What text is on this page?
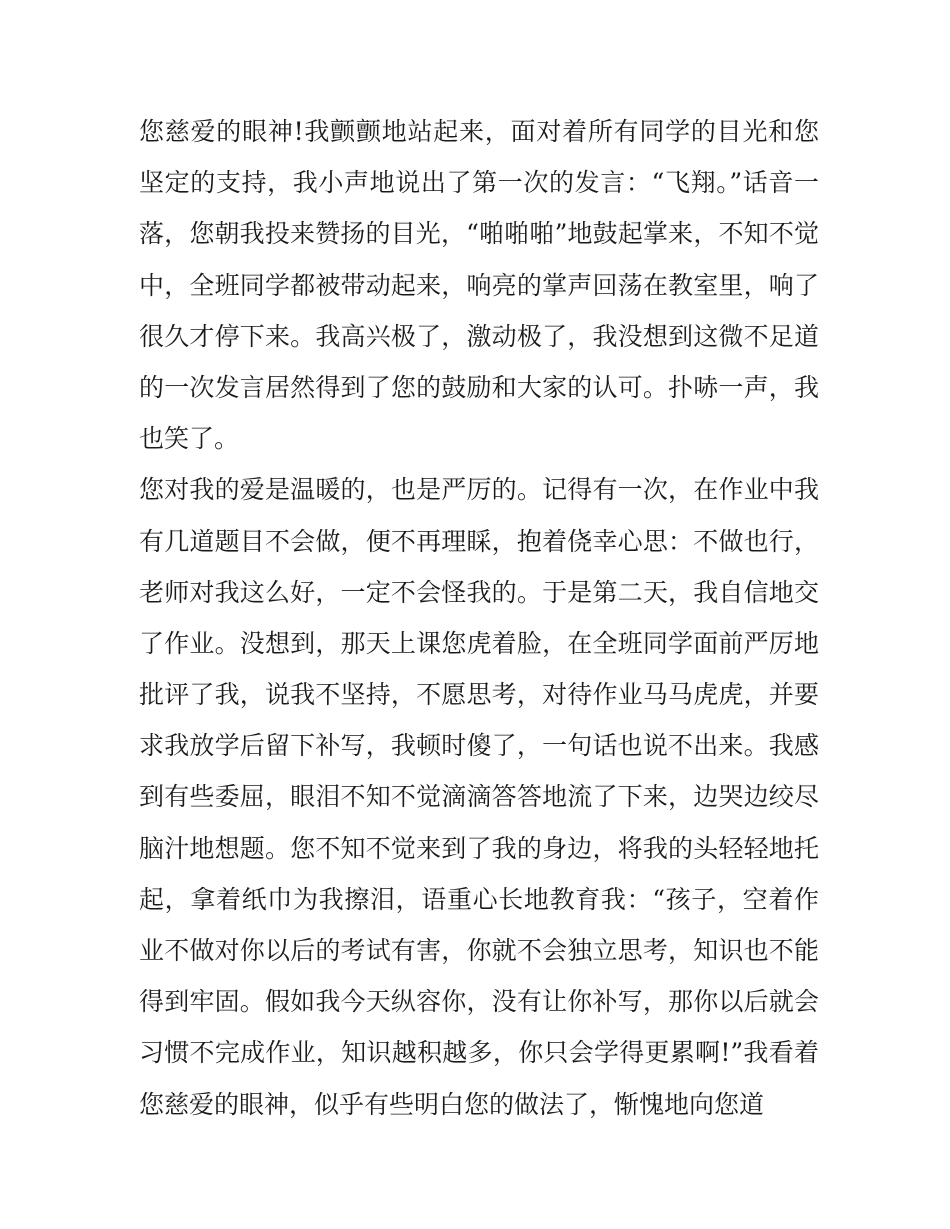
您慈爱的眼神!我颤颤地站起来，面对着所有同学的目光和您
坚定的支持，我小声地说出了第一次的发言：“飞翔。”话音一
落，您朝我投来赞扬的目光，“啪啪啪”地鼓起掌来，不知不觉
中，全班同学都被带动起来，响亮的掌声回荡在教室里，响了
很久才停下来。我高兴极了，激动极了，我没想到这微不足道
的一次发言居然得到了您的鼓励和大家的认可。扑哧一声，我
也笑了。
您对我的爱是温暖的，也是严厉的。记得有一次，在作业中我
有几道题目不会做，便不再理睬，抱着侥幸心思：不做也行，
老师对我这么好，一定不会怪我的。于是第二天，我自信地交
了作业。没想到，那天上课您虎着脸，在全班同学面前严厉地
批评了我，说我不坚持，不愿思考，对待作业马马虎虎，并要
求我放学后留下补写，我顿时傻了，一句话也说不出来。我感
到有些委屈，眼泪不知不觉滴滴答答地流了下来，边哭边绞尽
脑汁地想题。您不知不觉来到了我的身边，将我的头轻轻地托
起，拿着纸巾为我擦泪，语重心长地教育我：“孩子，空着作
业不做对你以后的考试有害，你就不会独立思考，知识也不能
得到牢固。假如我今天纵容你，没有让你补写，那你以后就会
习惯不完成作业，知识越积越多，你只会学得更累啊!”我看着
您慈爱的眼神，似乎有些明白您的做法了，惭愧地向您道
